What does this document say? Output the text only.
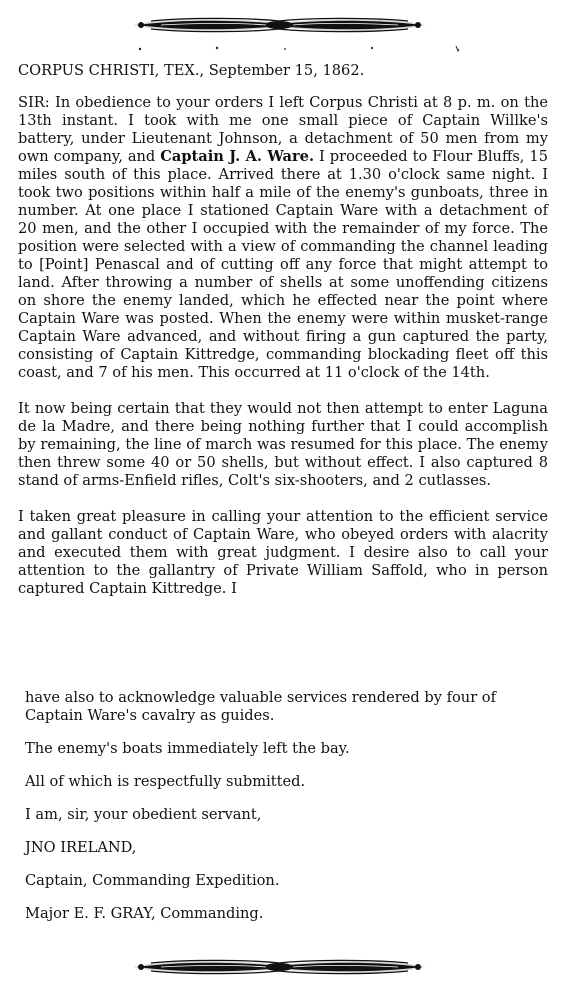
CORPUS CHRISTI, TEX., September 15, 1862.

SIR: In obedience to your orders I left Corpus Christi at 8 p. m. on the 13th instant. I took with me one small piece of Captain Willke's battery, under Lieutenant Johnson, a detachment of 50 men from my own company, and Captain J. A. Ware. I proceeded to Flour Bluffs, 15 miles south of this place. Arrived there at 1.30 o'clock same night. I took two positions within half a mile of the enemy's gunboats, three in number. At one place I stationed Captain Ware with a detachment of 20 men, and the other I occupied with the remainder of my force. The position were selected with a view of commanding the channel leading to [Point] Penascal and of cutting off any force that might attempt to land. After throwing a number of shells at some unoffending citizens on shore the enemy landed, which he effected near the point where Captain Ware was posted. When the enemy were within musket-range Captain Ware advanced, and without firing a gun captured the party, consisting of Captain Kittredge, commanding blockading fleet off this coast, and 7 of his men. This occurred at 11 o'clock of the 14th.

It now being certain that they would not then attempt to enter Laguna de la Madre, and there being nothing further that I could accomplish by remaining, the line of march was resumed for this place. The enemy then threw some 40 or 50 shells, but without effect. I also captured 8 stand of arms-Enfield rifles, Colt's six-shooters, and 2 cutlasses.

I taken great pleasure in calling your attention to the efficient service and gallant conduct of Captain Ware, who obeyed orders with alacrity and executed them with great judgment. I desire also to call your attention to the gallantry of Private William Saffold, who in person captured Captain Kittredge. I

have also to acknowledge valuable services rendered by four of Captain Ware's cavalry as guides.

The enemy's boats immediately left the bay.

All of which is respectfully submitted.

I am, sir, your obedient servant,

JNO IRELAND,

Captain, Commanding Expedition.

Major E. F. GRAY, Commanding.
